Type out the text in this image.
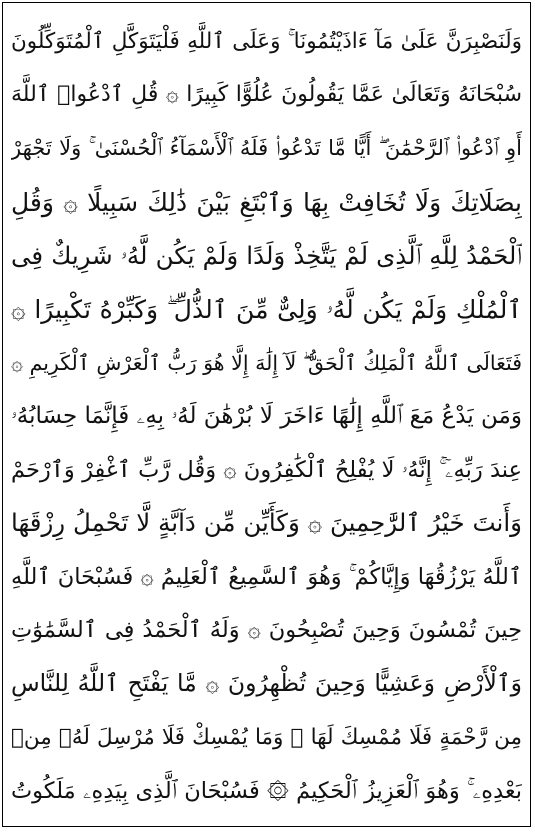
وَلَنَصْبِرَنَّ عَلَىٰ مَآ ءَاذَيْتُمُونَا ۚ وَعَلَى ٱللَّهِ فَلْيَتَوَكَّلِ ٱلْمُتَوَكِّلُونَ
سُبْحَانَهُ وَتَعَالَىٰ عَمَّا يَقُولُونَ عُلُوًّا كَبِيرًا ۞ قُلِ ٱدْعُوا۟ ٱللَّهَ
أَوِ ٱدْعُوا۟ ٱلرَّحْمَٰنَ ۖ أَيًّا مَّا تَدْعُوا۟ فَلَهُ ٱلْأَسْمَآءُ ٱلْحُسْنَىٰ ۚ وَلَا تَجْهَرْ
بِصَلَاتِكَ وَلَا تُخَافِتْ بِهَا وَٱبْتَغِ بَيْنَ ذَٰلِكَ سَبِيلًا ۞ وَقُلِ
ٱلْحَمْدُ لِلَّهِ ٱلَّذِى لَمْ يَتَّخِذْ وَلَدًا وَلَمْ يَكُن لَّهُۥ شَرِيكٌ فِى
ٱلْمُلْكِ وَلَمْ يَكُن لَّهُۥ وَلِىٌّ مِّنَ ٱلذُّلِّ ۖ وَكَبِّرْهُ تَكْبِيرًا ۞
فَتَعَالَى ٱللَّهُ ٱلْمَلِكُ ٱلْحَقُّ ۖ لَآ إِلَٰهَ إِلَّا هُوَ رَبُّ ٱلْعَرْشِ ٱلْكَرِيمِ ۞
وَمَن يَدْعُ مَعَ ٱللَّهِ إِلَٰهًا ءَاخَرَ لَا بُرْهَٰنَ لَهُۥ بِهِۦ فَإِنَّمَا حِسَابُهُۥ
عِندَ رَبِّهِۦٓ ۚ إِنَّهُۥ لَا يُفْلِحُ ٱلْكَٰفِرُونَ ۞ وَقُل رَّبِّ ٱغْفِرْ وَٱرْحَمْ
وَأَنتَ خَيْرُ ٱلرَّٰحِمِينَ ۞ وَكَأَيِّن مِّن دَآبَّةٍ لَّا تَحْمِلُ رِزْقَهَا
ٱللَّهُ يَرْزُقُهَا وَإِيَّاكُمْ ۚ وَهُوَ ٱلسَّمِيعُ ٱلْعَلِيمُ ۞ فَسُبْحَانَ ٱللَّهِ
حِينَ تُمْسُونَ وَحِينَ تُصْبِحُونَ ۞ وَلَهُ ٱلْحَمْدُ فِى ٱلسَّمَٰوَٰتِ
وَٱلْأَرْضِ وَعَشِيًّا وَحِينَ تُظْهِرُونَ ۞ مَّا يَفْتَحِ ٱللَّهُ لِلنَّاسِ
مِن رَّحْمَةٍ فَلَا مُمْسِكَ لَهَا ۖ وَمَا يُمْسِكْ فَلَا مُرْسِلَ لَهُۥ مِنۢ
بَعْدِهِۦ ۚ وَهُوَ ٱلْعَزِيزُ ٱلْحَكِيمُ ۞ فَسُبْحَانَ ٱلَّذِى بِيَدِهِۦ مَلَكُوتُ
